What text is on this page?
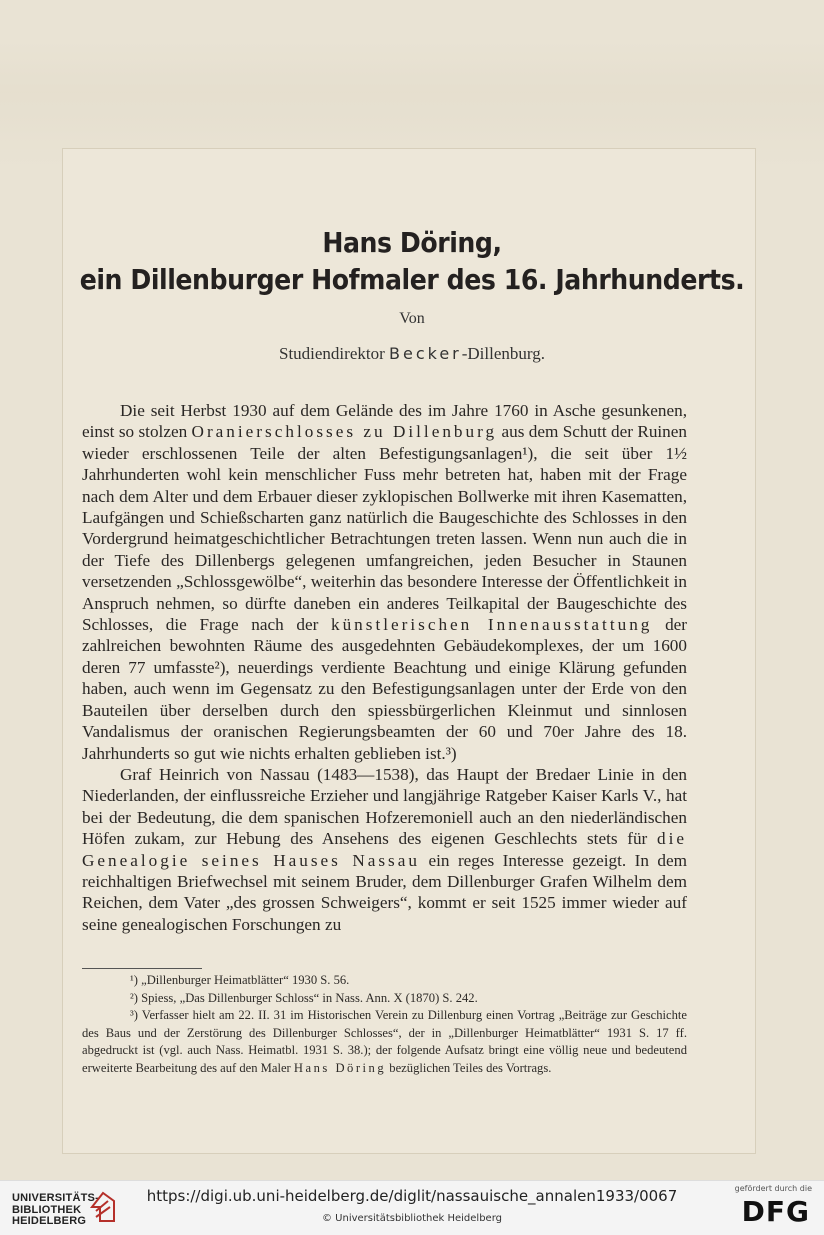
Hans Döring,
ein Dillenburger Hofmaler des 16. Jahrhunderts.
Von
Studiendirektor Becker-Dillenburg.

Die seit Herbst 1930 auf dem Gelände des im Jahre 1760 in Asche gesunkenen, einst so stolzen Oranierschlosses zu Dillenburg aus dem Schutt der Ruinen wieder erschlossenen Teile der alten Befestigungsanlagen¹), die seit über 1½ Jahrhunderten wohl kein menschlicher Fuss mehr betreten hat, haben mit der Frage nach dem Alter und dem Erbauer dieser zyklopischen Bollwerke mit ihren Kasematten, Laufgängen und Schießscharten ganz natürlich die Baugeschichte des Schlosses in den Vordergrund heimatgeschichtlicher Betrachtungen treten lassen. Wenn nun auch die in der Tiefe des Dillenbergs gelegenen umfangreichen, jeden Besucher in Staunen versetzenden „Schlossgewölbe“, weiterhin das besondere Interesse der Öffentlichkeit in Anspruch nehmen, so dürfte daneben ein anderes Teilkapital der Baugeschichte des Schlosses, die Frage nach der künstlerischen Innenausstattung der zahlreichen bewohnten Räume des ausgedehnten Gebäudekomplexes, der um 1600 deren 77 umfasste²), neuerdings verdiente Beachtung und einige Klärung gefunden haben, auch wenn im Gegensatz zu den Befestigungsanlagen unter der Erde von den Bauteilen über derselben durch den spiessbürgerlichen Kleinmut und sinnlosen Vandalismus der oranischen Regierungsbeamten der 60 und 70er Jahre des 18. Jahrhunderts so gut wie nichts erhalten geblieben ist.³)

Graf Heinrich von Nassau (1483—1538), das Haupt der Bredaer Linie in den Niederlanden, der einflussreiche Erzieher und langjährige Ratgeber Kaiser Karls V., hat bei der Bedeutung, die dem spanischen Hofzeremoniell auch an den niederländischen Höfen zukam, zur Hebung des Ansehens des eigenen Geschlechts stets für die Genealogie seines Hauses Nassau ein reges Interesse gezeigt. In dem reichhaltigen Briefwechsel mit seinem Bruder, dem Dillenburger Grafen Wilhelm dem Reichen, dem Vater „des grossen Schweigers“, kommt er seit 1525 immer wieder auf seine genealogischen Forschungen zu

¹) „Dillenburger Heimatblätter“ 1930 S. 56.
²) Spiess, „Das Dillenburger Schloss“ in Nass. Ann. X (1870) S. 242.
³) Verfasser hielt am 22. II. 31 im Historischen Verein zu Dillenburg einen Vortrag „Beiträge zur Geschichte des Baus und der Zerstörung des Dillenburger Schlosses“, der in „Dillenburger Heimatblätter“ 1931 S. 17 ff. abgedruckt ist (vgl. auch Nass. Heimatbl. 1931 S. 38.); der folgende Aufsatz bringt eine völlig neue und bedeutend erweiterte Bearbeitung des auf den Maler Hans Döring bezüglichen Teiles des Vortrags.
UNIVERSITÄTS-
BIBLIOTHEK
HEIDELBERG
https://digi.ub.uni-heidelberg.de/diglit/nassauische_annalen1933/0067
© Universitätsbibliothek Heidelberg
gefördert durch die
DFG
